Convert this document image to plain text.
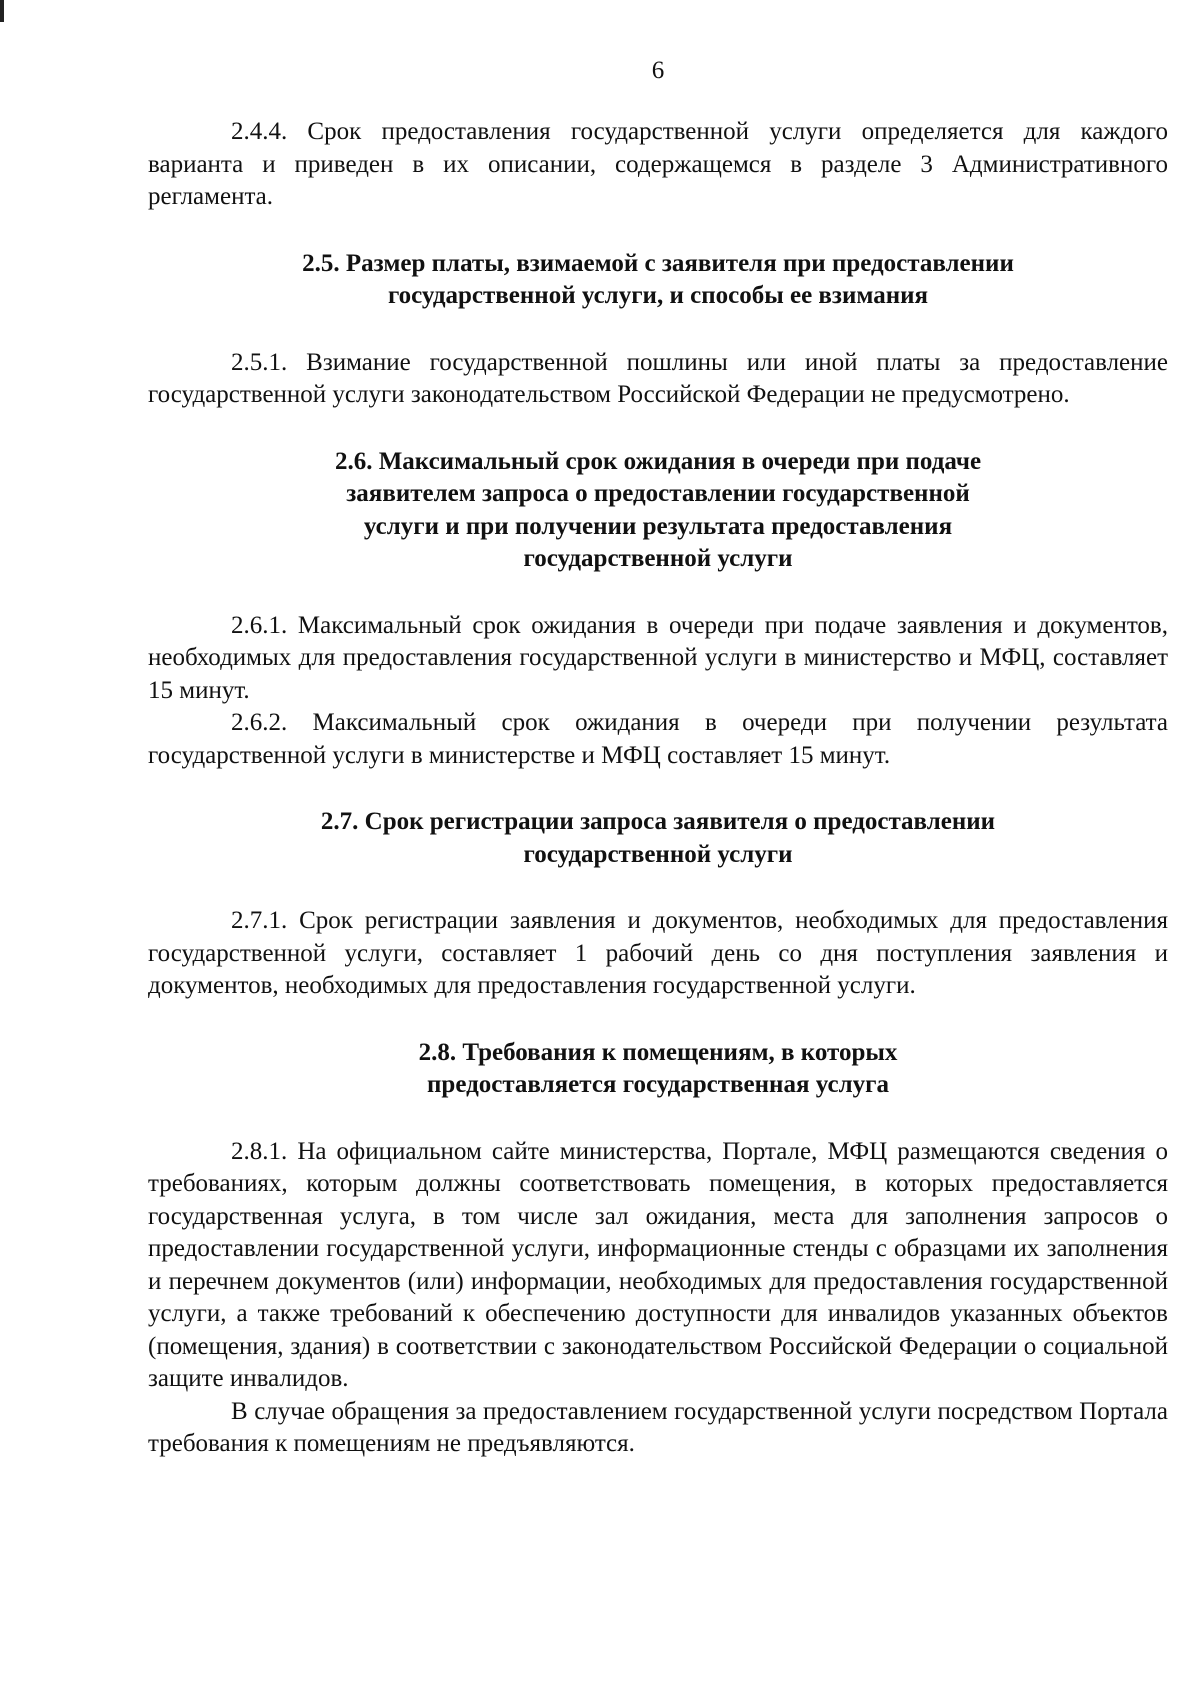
6

2.4.4. Срок предоставления государственной услуги определяется для каждого варианта и приведен в их описании, содержащемся в разделе 3 Административного регламента.

2.5. Размер платы, взимаемой с заявителя при предоставлении
государственной услуги, и способы ее взимания

2.5.1. Взимание государственной пошлины или иной платы за предоставление государственной услуги законодательством Российской Федерации не предусмотрено.

2.6. Максимальный срок ожидания в очереди при подаче
заявителем запроса о предоставлении государственной
услуги и при получении результата предоставления
государственной услуги

2.6.1. Максимальный срок ожидания в очереди при подаче заявления и документов, необходимых для предоставления государственной услуги в министерство и МФЦ, составляет 15 минут.

2.6.2. Максимальный срок ожидания в очереди при получении результата государственной услуги в министерстве и МФЦ составляет 15 минут.

2.7. Срок регистрации запроса заявителя о предоставлении
государственной услуги

2.7.1. Срок регистрации заявления и документов, необходимых для предоставления государственной услуги, составляет 1 рабочий день со дня поступления заявления и документов, необходимых для предоставления государственной услуги.

2.8. Требования к помещениям, в которых
предоставляется государственная услуга

2.8.1. На официальном сайте министерства, Портале, МФЦ размещаются сведения о требованиях, которым должны соответствовать помещения, в которых предоставляется государственная услуга, в том числе зал ожидания, места для заполнения запросов о предоставлении государственной услуги, информационные стенды с образцами их заполнения и перечнем документов (или) информации, необходимых для предоставления государственной услуги, а также требований к обеспечению доступности для инвалидов указанных объектов (помещения, здания) в соответствии с законодательством Российской Федерации о социальной защите инвалидов.

В случае обращения за предоставлением государственной услуги посредством Портала требования к помещениям не предъявляются.
